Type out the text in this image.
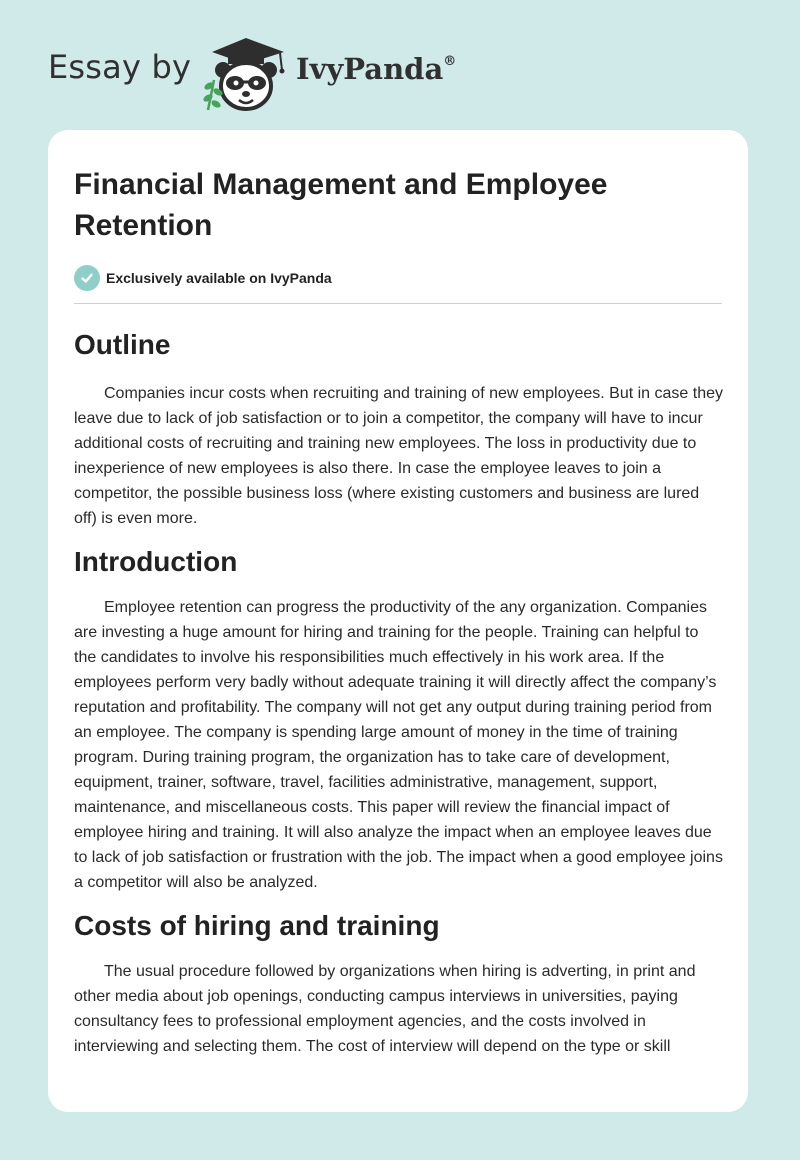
Essay by	IvyPanda®
Financial Management and Employee Retention
Exclusively available on IvyPanda
Outline

Companies incur costs when recruiting and training of new employees. But in case they leave due to lack of job satisfaction or to join a competitor, the company will have to incur additional costs of recruiting and training new employees. The loss in productivity due to inexperience of new employees is also there. In case the employee leaves to join a competitor, the possible business loss (where existing customers and business are lured off) is even more.

Introduction

Employee retention can progress the productivity of the any organization. Companies are investing a huge amount for hiring and training for the people. Training can helpful to the candidates to involve his responsibilities much effectively in his work area. If the employees perform very badly without adequate training it will directly affect the company’s reputation and profitability. The company will not get any output during training period from an employee. The company is spending large amount of money in the time of training program. During training program, the organization has to take care of development, equipment, trainer, software, travel, facilities administrative, management, support, maintenance, and miscellaneous costs. This paper will review the financial impact of employee hiring and training. It will also analyze the impact when an employee leaves due to lack of job satisfaction or frustration with the job. The impact when a good employee joins a competitor will also be analyzed.

Costs of hiring and training

The usual procedure followed by organizations when hiring is adverting, in print and other media about job openings, conducting campus interviews in universities, paying consultancy fees to professional employment agencies, and the costs involved in interviewing and selecting them. The cost of interview will depend on the type or skill
